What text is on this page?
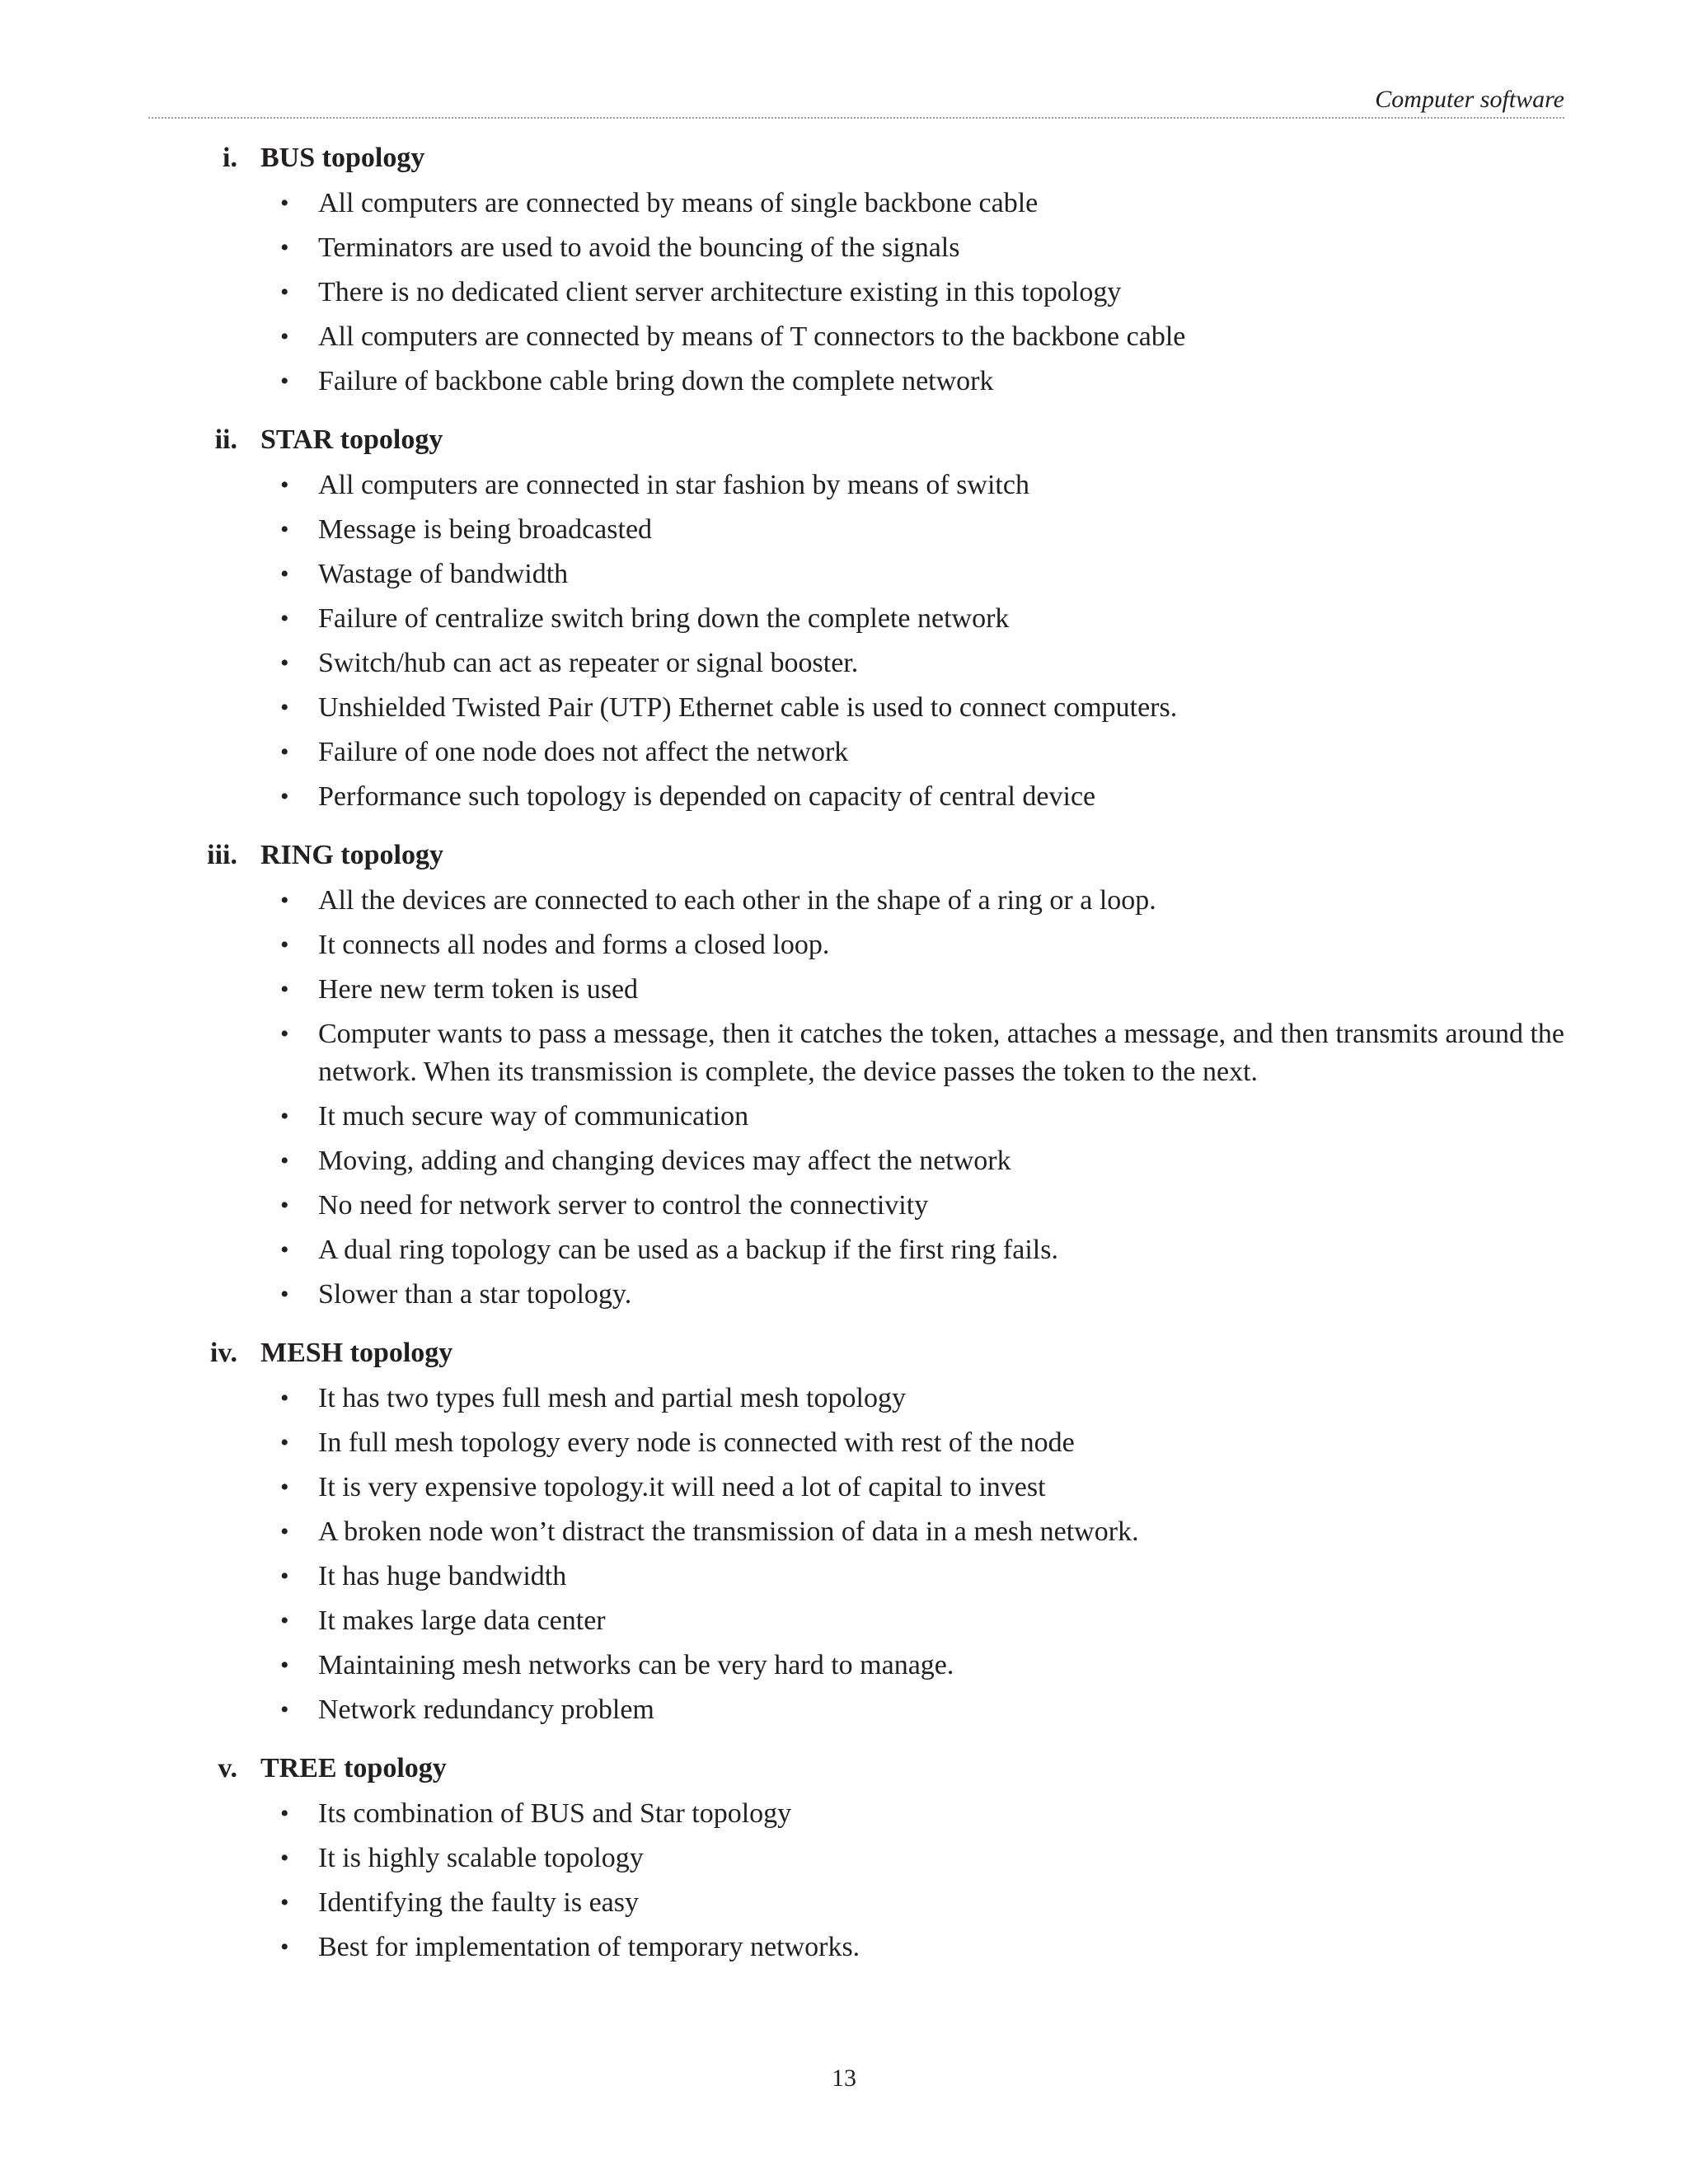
Computer software
i. BUS topology
• All computers are connected by means of single backbone cable
• Terminators are used to avoid the bouncing of the signals
• There is no dedicated client server architecture existing in this topology
• All computers are connected by means of T connectors to the backbone cable
• Failure of backbone cable bring down the complete network
ii. STAR topology
• All computers are connected in star fashion by means of switch
• Message is being broadcasted
• Wastage of bandwidth
• Failure of centralize switch bring down the complete network
• Switch/hub can act as repeater or signal booster.
• Unshielded Twisted Pair (UTP) Ethernet cable is used to connect computers.
• Failure of one node does not affect the network
• Performance such topology is depended on capacity of central device
iii. RING topology
• All the devices are connected to each other in the shape of a ring or a loop.
• It connects all nodes and forms a closed loop.
• Here new term token is used
• Computer wants to pass a message, then it catches the token, attaches a message, and then transmits around the network. When its transmission is complete, the device passes the token to the next.
• It much secure way of communication
• Moving, adding and changing devices may affect the network
• No need for network server to control the connectivity
• A dual ring topology can be used as a backup if the first ring fails.
• Slower than a star topology.
iv. MESH topology
• It has two types full mesh and partial mesh topology
• In full mesh topology every node is connected with rest of the node
• It is very expensive topology.it will need a lot of capital to invest
• A broken node won’t distract the transmission of data in a mesh network.
• It has huge bandwidth
• It makes large data center
• Maintaining mesh networks can be very hard to manage.
• Network redundancy problem
v. TREE topology
• Its combination of BUS and Star topology
• It is highly scalable topology
• Identifying the faulty is easy
• Best for implementation of temporary networks.
13
